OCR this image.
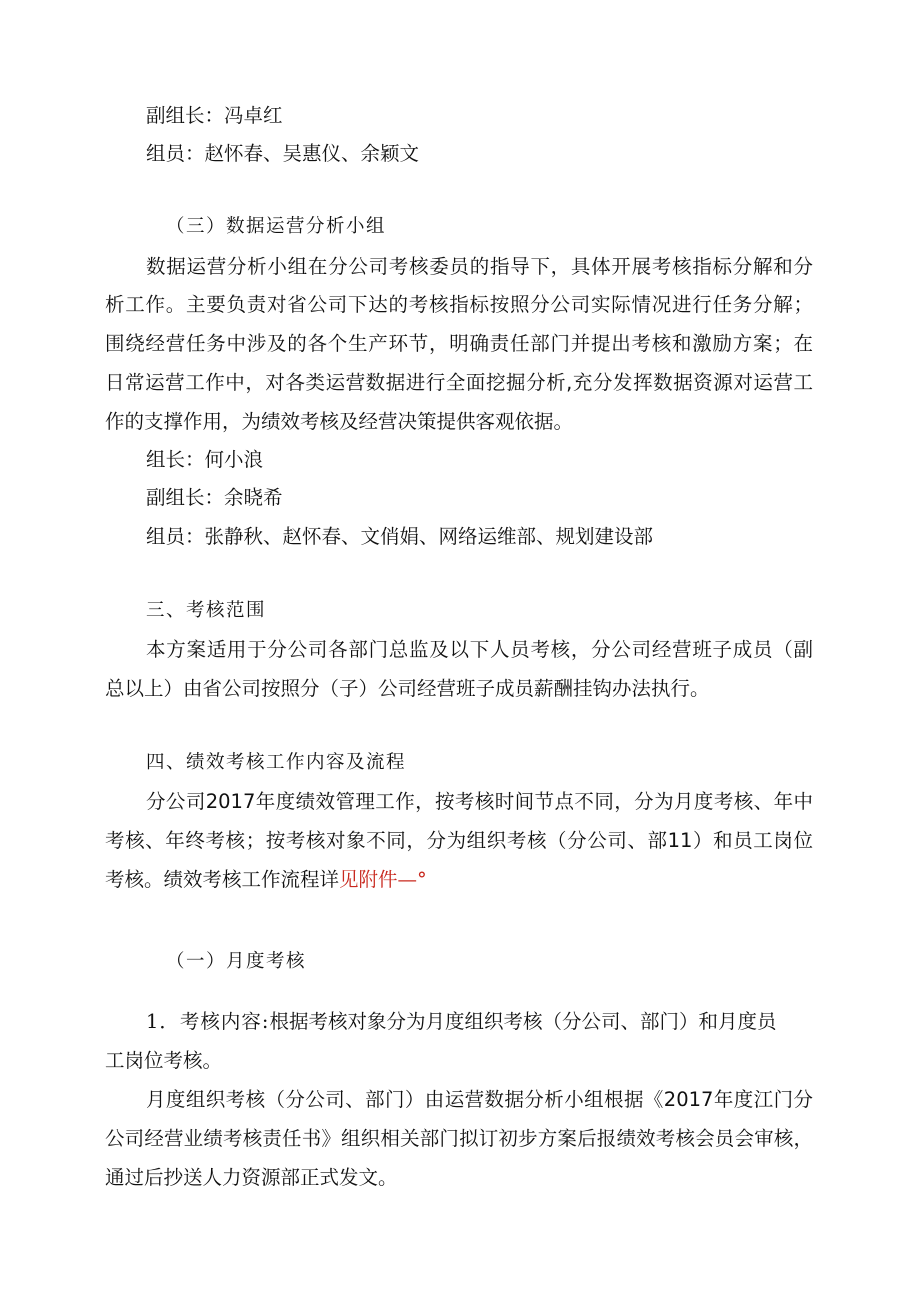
副组长：冯卓红
组员：赵怀春、吴惠仪、余颖文
（三）数据运营分析小组
数据运营分析小组在分公司考核委员的指导下，具体开展考核指标分解和分
析工作。主要负责对省公司下达的考核指标按照分公司实际情况进行任务分解；
围绕经营任务中涉及的各个生产环节，明确责任部门并提出考核和激励方案；在
日常运营工作中，对各类运营数据进行全面挖掘分析,充分发挥数据资源对运营工
作的支撑作用，为绩效考核及经营决策提供客观依据。
组长：何小浪
副组长：余晓希
组员：张静秋、赵怀春、文俏娟、网络运维部、规划建设部
三、考核范围
本方案适用于分公司各部门总监及以下人员考核，分公司经营班子成员（副
总以上）由省公司按照分（子）公司经营班子成员薪酬挂钩办法执行。
四、绩效考核工作内容及流程
分公司2017年度绩效管理工作，按考核时间节点不同，分为月度考核、年中
考核、年终考核；按考核对象不同，分为组织考核（分公司、部11）和员工岗位
考核。绩效考核工作流程详见附件—°
（一）月度考核
1．考核内容:根据考核对象分为月度组织考核（分公司、部门）和月度员
工岗位考核。
月度组织考核（分公司、部门）由运营数据分析小组根据《2017年度江门分
公司经营业绩考核责任书》组织相关部门拟订初步方案后报绩效考核会员会审核，
通过后抄送人力资源部正式发文。
